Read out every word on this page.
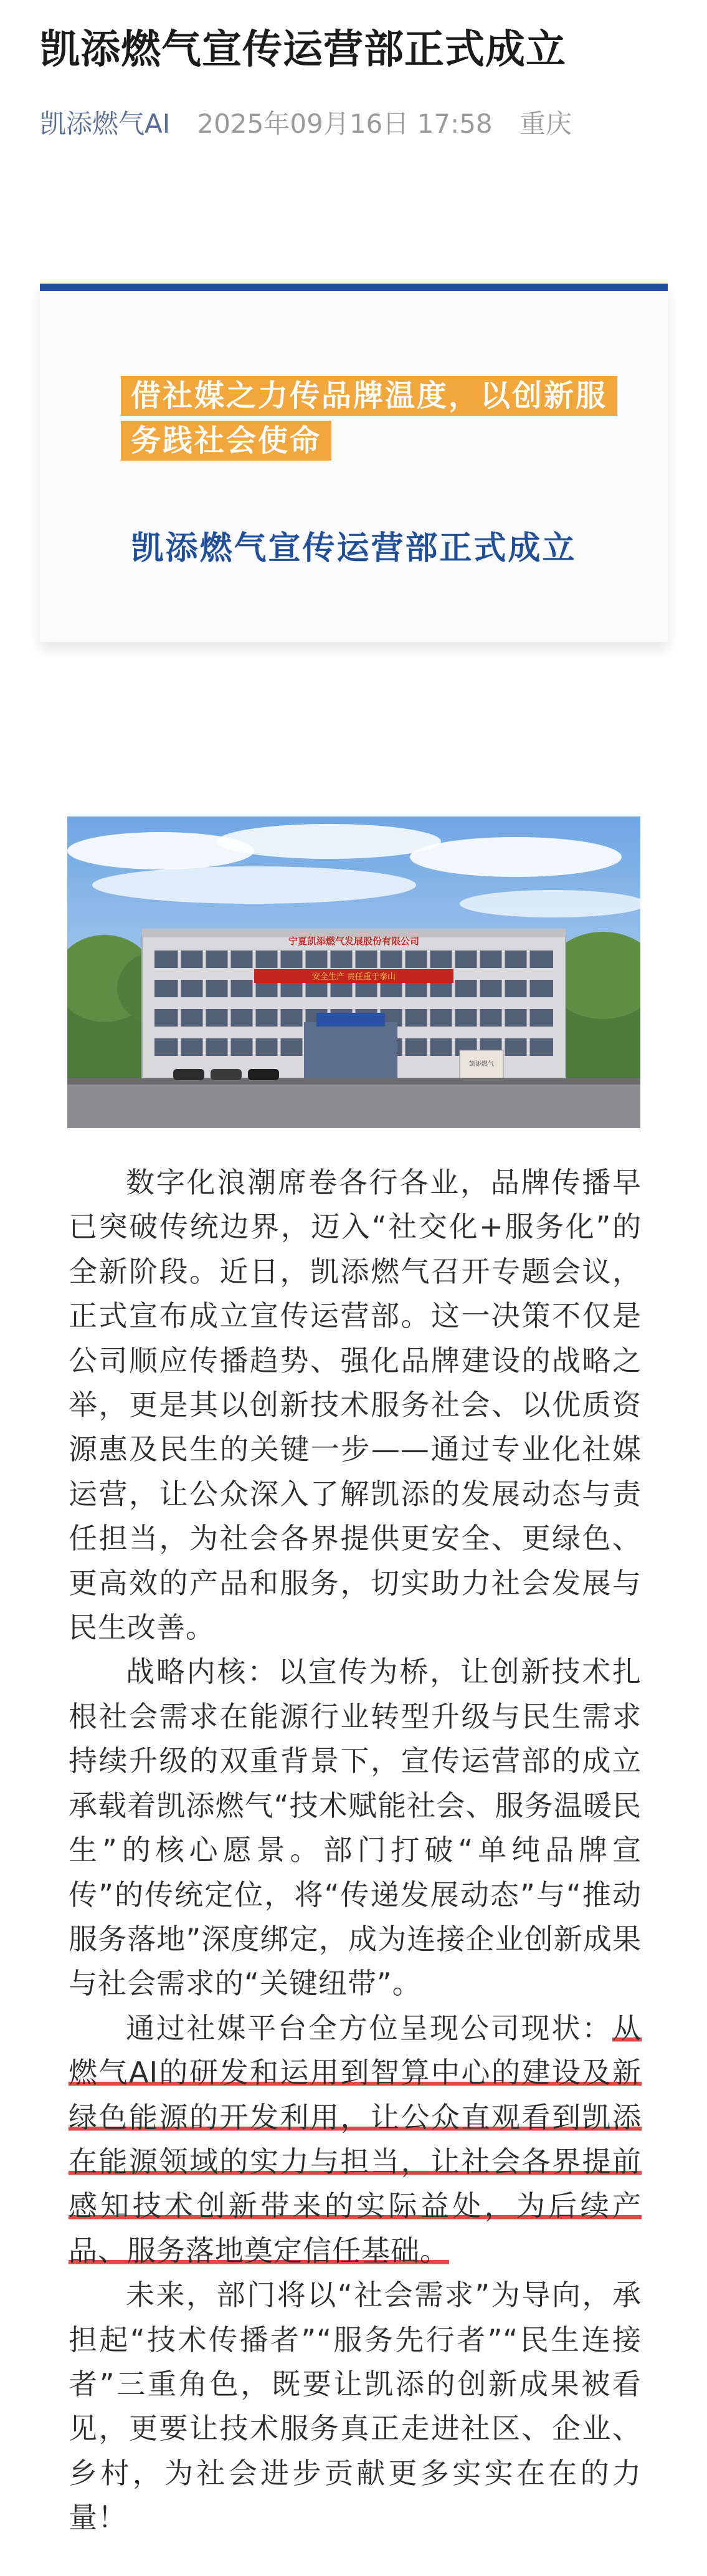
凯添燃气宣传运营部正式成立
凯添燃气AI 2025年09月16日 17:58 重庆
借社媒之力传品牌温度，以创新服务践社会使命
凯添燃气宣传运营部正式成立
宁夏凯添燃气发展股份有限公司
安全生产 责任重于泰山
凯添燃气

数字化浪潮席卷各行各业，品牌传播早已突破传统边界，迈入“社交化+服务化”的全新阶段。近日，凯添燃气召开专题会议，正式宣布成立宣传运营部。这一决策不仅是公司顺应传播趋势、强化品牌建设的战略之举，更是其以创新技术服务社会、以优质资源惠及民生的关键一步——通过专业化社媒运营，让公众深入了解凯添的发展动态与责任担当，为社会各界提供更安全、更绿色、更高效的产品和服务，切实助力社会发展与民生改善。

战略内核：以宣传为桥，让创新技术扎根社会需求在能源行业转型升级与民生需求持续升级的双重背景下，宣传运营部的成立承载着凯添燃气“技术赋能社会、服务温暖民生”的核心愿景。部门打破“单纯品牌宣传”的传统定位，将“传递发展动态”与“推动服务落地”深度绑定，成为连接企业创新成果与社会需求的“关键纽带”。

通过社媒平台全方位呈现公司现状：从燃气AI的研发和运用到智算中心的建设及新绿色能源的开发利用，让公众直观看到凯添在能源领域的实力与担当，让社会各界提前感知技术创新带来的实际益处，为后续产品、服务落地奠定信任基础。

未来，部门将以“社会需求”为导向，承担起“技术传播者”“服务先行者”“民生连接者”三重角色，既要让凯添的创新成果被看见，更要让技术服务真正走进社区、企业、乡村，为社会进步贡献更多实实在在的力量！
